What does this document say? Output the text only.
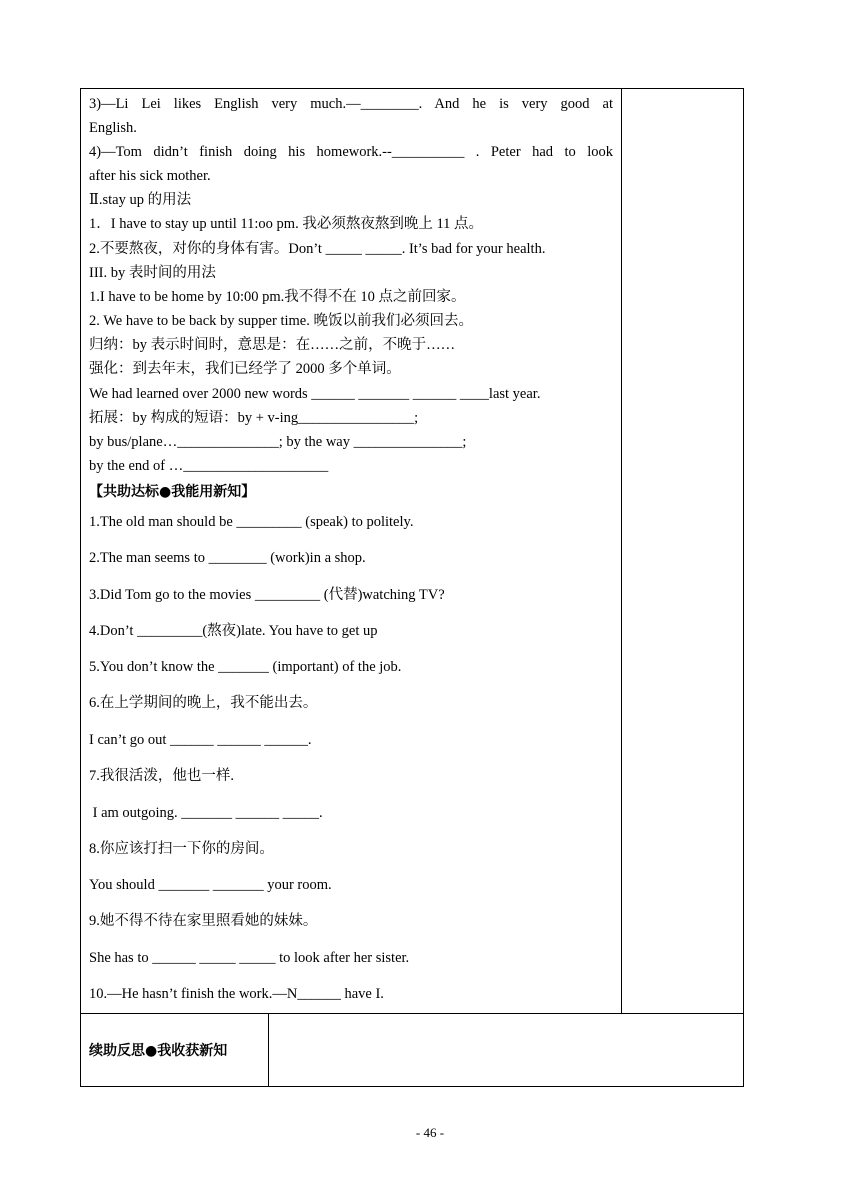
3)—Li Lei likes English very much.—________. And he is very good at
English.
4)—Tom didn’t finish doing his homework.--__________ . Peter had to look
after his sick mother.
Ⅱ.stay up 的用法
1．I have to stay up until 11:oo pm. 我必须熬夜熬到晚上 11 点。
2.不要熬夜，对你的身体有害。Don’t _____ _____. It’s bad for your health.
III. by 表时间的用法
1.I have to be home by 10:00 pm.我不得不在 10 点之前回家。
2. We have to be back by supper time. 晚饭以前我们必须回去。
归纳：by 表示时间时，意思是：在……之前，不晚于……
强化：到去年末，我们已经学了 2000 多个单词。
We had learned over 2000 new words ______ _______ ______ ____last year.
拓展：by 构成的短语：by + v-ing________________;
by bus/plane…______________; by the way _______________;
by the end of …____________________
【共助达标●我能用新知】
1.The old man should be _________ (speak) to politely.
2.The man seems to ________ (work)in a shop.
3.Did Tom go to the movies _________ (代替)watching TV?
4.Don’t _________(熬夜)late. You have to get up
5.You don’t know the _______ (important) of the job.
6.在上学期间的晚上，我不能出去。
I can’t go out ______ ______ ______.
7.我很活泼，他也一样.
I am outgoing. _______ ______ _____.
8.你应该打扫一下你的房间。
You should _______ _______ your room.
9.她不得不待在家里照看她的妹妹。
She has to ______ _____ _____ to look after her sister.
10.—He hasn’t finish the work.—N______ have I.
续助反思●我收获新知
- 46 -
